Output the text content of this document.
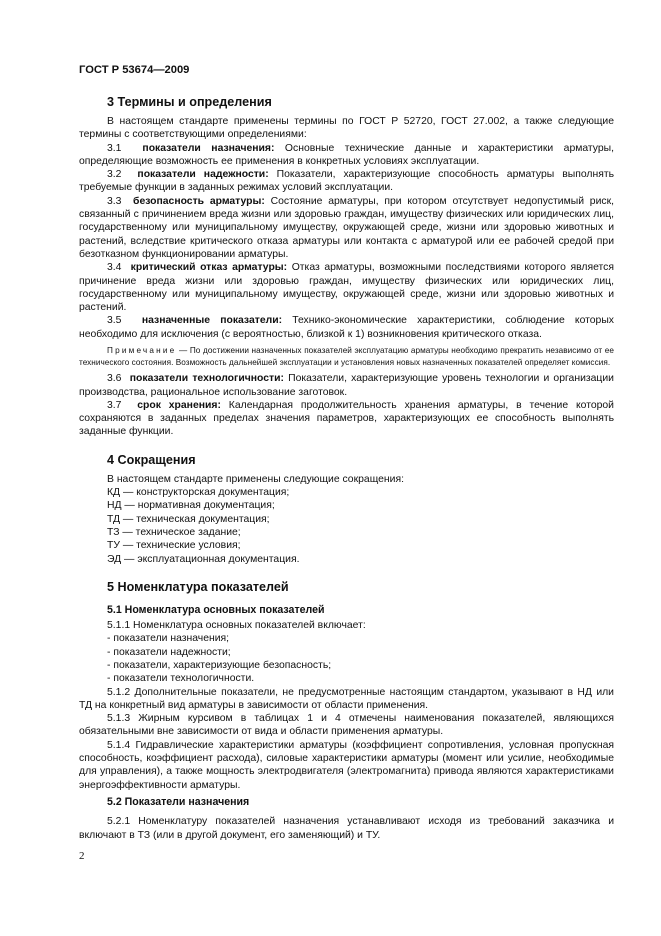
ГОСТ Р 53674—2009
3 Термины и определения

В настоящем стандарте применены термины по ГОСТ Р 52720, ГОСТ 27.002, а также следующие термины с соответствующими определениями:

3.1 показатели назначения: Основные технические данные и характеристики арматуры, определяющие возможность ее применения в конкретных условиях эксплуатации.

3.2 показатели надежности: Показатели, характеризующие способность арматуры выполнять требуемые функции в заданных режимах условий эксплуатации.

3.3 безопасность арматуры: Состояние арматуры, при котором отсутствует недопустимый риск, связанный с причинением вреда жизни или здоровью граждан, имуществу физических или юридических лиц, государственному или муниципальному имуществу, окружающей среде, жизни или здоровью животных и растений, вследствие критического отказа арматуры или контакта с арматурой или ее рабочей средой при безотказном функционировании арматуры.

3.4 критический отказ арматуры: Отказ арматуры, возможными последствиями которого является причинение вреда жизни или здоровью граждан, имуществу физических или юридических лиц, государственному или муниципальному имуществу, окружающей среде, жизни или здоровью животных и растений.

3.5 назначенные показатели: Технико-экономические характеристики, соблюдение которых необходимо для исключения (с вероятностью, близкой к 1) возникновения критического отказа.

Примечание — По достижении назначенных показателей эксплуатацию арматуры необходимо прекратить независимо от ее технического состояния. Возможность дальнейшей эксплуатации и установления новых назначенных показателей определяет комиссия.

3.6 показатели технологичности: Показатели, характеризующие уровень технологии и организации производства, рациональное использование заготовок.

3.7 срок хранения: Календарная продолжительность хранения арматуры, в течение которой сохраняются в заданных пределах значения параметров, характеризующих ее способность выполнять заданные функции.

4 Сокращения

В настоящем стандарте применены следующие сокращения:

КД — конструкторская документация;

НД — нормативная документация;

ТД — техническая документация;

ТЗ — техническое задание;

ТУ — технические условия;

ЭД — эксплуатационная документация.

5 Номенклатура показателей
5.1 Номенклатура основных показателей

5.1.1 Номенклатура основных показателей включает:

- показатели назначения;

- показатели надежности;

- показатели, характеризующие безопасность;

- показатели технологичности.

5.1.2 Дополнительные показатели, не предусмотренные настоящим стандартом, указывают в НД или ТД на конкретный вид арматуры в зависимости от области применения.

5.1.3 Жирным курсивом в таблицах 1 и 4 отмечены наименования показателей, являющихся обязательными вне зависимости от вида и области применения арматуры.

5.1.4 Гидравлические характеристики арматуры (коэффициент сопротивления, условная пропускная способность, коэффициент расхода), силовые характеристики арматуры (момент или усилие, необходимые для управления), а также мощность электродвигателя (электромагнита) привода являются характеристиками энергоэффективности арматуры.

5.2 Показатели назначения

5.2.1 Номенклатуру показателей назначения устанавливают исходя из требований заказчика и включают в ТЗ (или в другой документ, его заменяющий) и ТУ.

2
